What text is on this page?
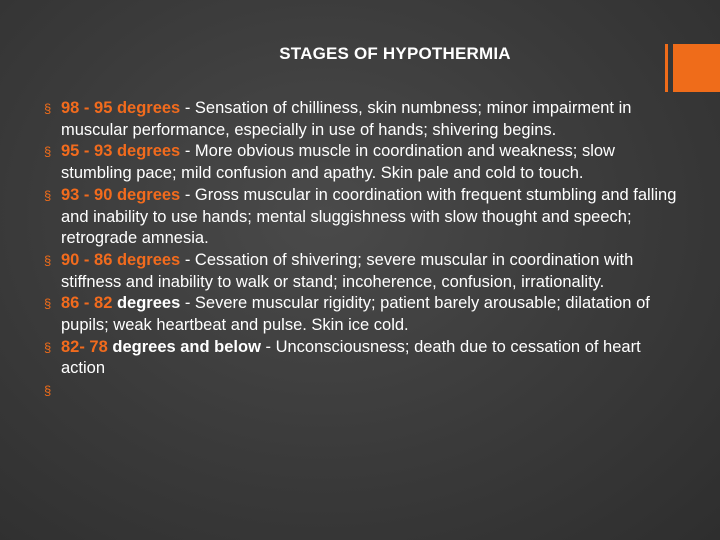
STAGES OF HYPOTHERMIA
§ 98 - 95 degrees - Sensation of chilliness, skin numbness; minor impairment in muscular performance, especially in use of hands; shivering begins.
§ 95 - 93 degrees - More obvious muscle in coordination and weakness; slow stumbling pace; mild confusion and apathy. Skin pale and cold to touch.
§ 93 - 90 degrees - Gross muscular in coordination with frequent stumbling and falling and inability to use hands; mental sluggishness with slow thought and speech; retrograde amnesia.
§ 90 - 86 degrees - Cessation of shivering; severe muscular in coordination with stiffness and inability to walk or stand; incoherence, confusion, irrationality.
§ 86 - 82 degrees - Severe muscular rigidity; patient barely arousable; dilatation of pupils; weak heartbeat and pulse. Skin ice cold.
§ 82- 78 degrees and below - Unconsciousness; death due to cessation of heart action
§
